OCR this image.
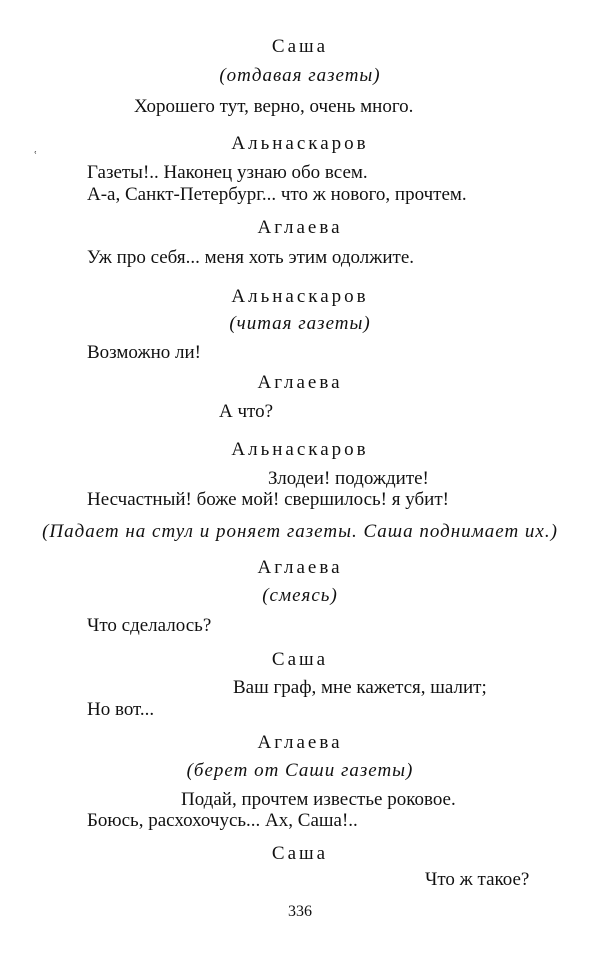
ʿ
Саша
(отдавая газеты)
Хорошего тут, верно, очень много.
Альнаскаров
Газеты!.. Наконец узнаю обо всем.
А-а, Санкт-Петербург... что ж нового, прочтем.
Аглаева
Уж про себя... меня хоть этим одолжите.
Альнаскаров
(читая газеты)
Возможно ли!
Аглаева
А что?
Альнаскаров
Злодеи! подождите!
Несчастный! боже мой! свершилось! я убит!
(Падает на стул и роняет газеты. Саша поднимает их.)
Аглаева
(смеясь)
Что сделалось?
Саша
Ваш граф, мне кажется, шалит;
Но вот...
Аглаева
(берет от Саши газеты)
Подай, прочтем известье роковое.
Боюсь, расхохочусь... Ах, Саша!..
Саша
Что ж такое?
336
